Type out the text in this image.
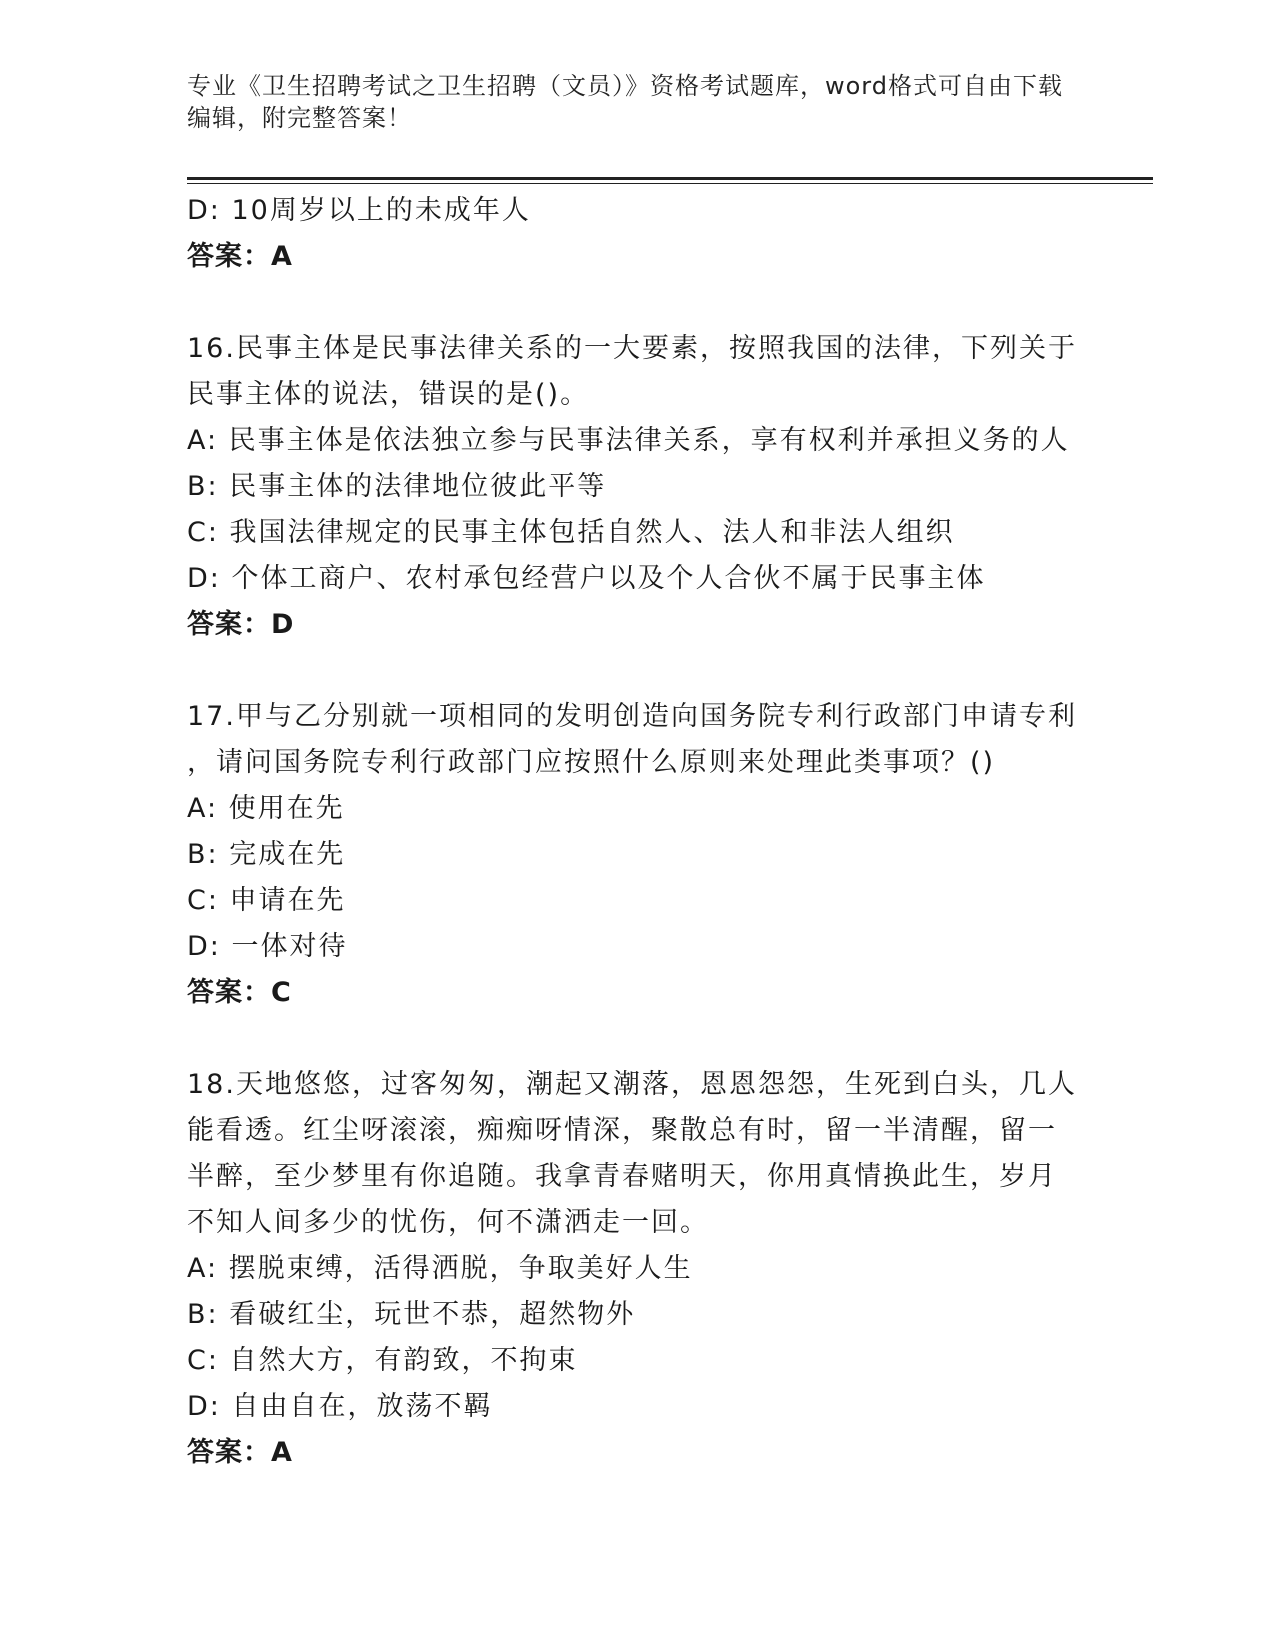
专业《卫生招聘考试之卫生招聘（文员）》资格考试题库，word格式可自由下载
编辑，附完整答案！
D: 10周岁以上的未成年人
答案：A
16.民事主体是民事法律关系的一大要素，按照我国的法律，下列关于
民事主体的说法，错误的是()。
A: 民事主体是依法独立参与民事法律关系，享有权利并承担义务的人
B: 民事主体的法律地位彼此平等
C: 我国法律规定的民事主体包括自然人、法人和非法人组织
D: 个体工商户、农村承包经营户以及个人合伙不属于民事主体
答案：D
17.甲与乙分别就一项相同的发明创造向国务院专利行政部门申请专利
，请问国务院专利行政部门应按照什么原则来处理此类事项？()
A: 使用在先
B: 完成在先
C: 申请在先
D: 一体对待
答案：C
18.天地悠悠，过客匆匆，潮起又潮落，恩恩怨怨，生死到白头，几人
能看透。红尘呀滚滚，痴痴呀情深，聚散总有时，留一半清醒，留一
半醉，至少梦里有你追随。我拿青春赌明天，你用真情换此生，岁月
不知人间多少的忧伤，何不潇洒走一回。
A: 摆脱束缚，活得洒脱，争取美好人生
B: 看破红尘，玩世不恭，超然物外
C: 自然大方，有韵致，不拘束
D: 自由自在，放荡不羁
答案：A
